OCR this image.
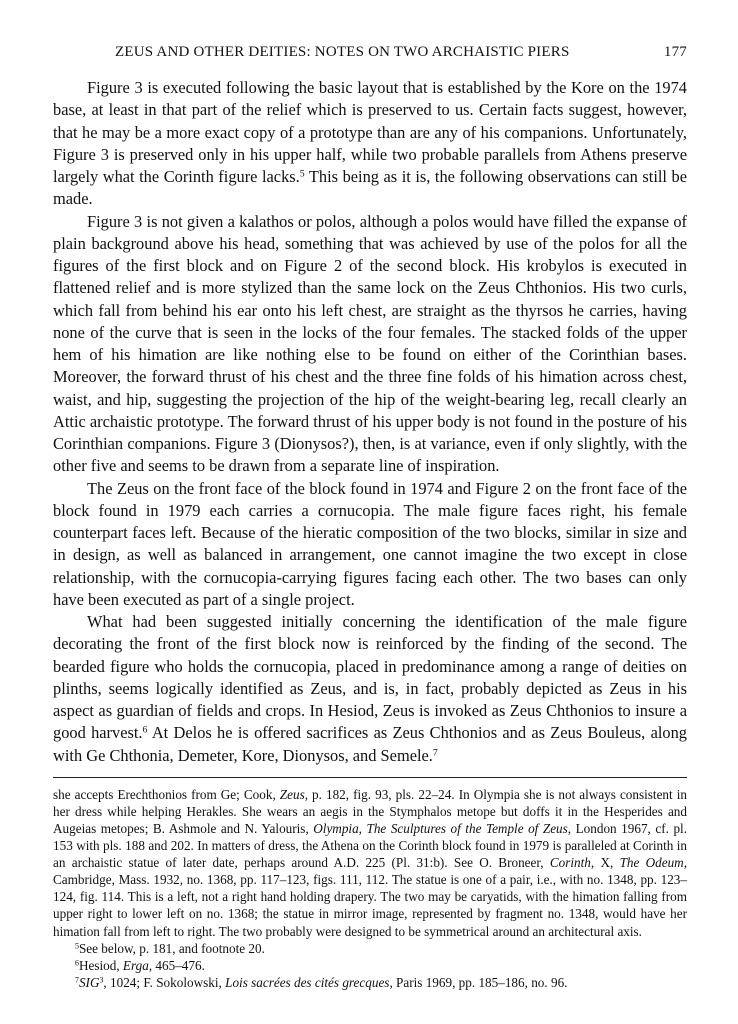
ZEUS AND OTHER DEITIES: NOTES ON TWO ARCHAISTIC PIERS	177

Figure 3 is executed following the basic layout that is established by the Kore on the 1974 base, at least in that part of the relief which is preserved to us. Certain facts suggest, however, that he may be a more exact copy of a prototype than are any of his companions. Unfortunately, Figure 3 is preserved only in his upper half, while two probable parallels from Athens preserve largely what the Corinth figure lacks.$^5$ This being as it is, the following observations can still be made.

Figure 3 is not given a kalathos or polos, although a polos would have filled the expanse of plain background above his head, something that was achieved by use of the polos for all the figures of the first block and on Figure 2 of the second block. His krobylos is executed in flattened relief and is more stylized than the same lock on the Zeus Chthonios. His two curls, which fall from behind his ear onto his left chest, are straight as the thyrsos he carries, having none of the curve that is seen in the locks of the four females. The stacked folds of the upper hem of his himation are like nothing else to be found on either of the Corinthian bases. Moreover, the forward thrust of his chest and the three fine folds of his himation across chest, waist, and hip, suggesting the projection of the hip of the weight-bearing leg, recall clearly an Attic archaistic prototype. The forward thrust of his upper body is not found in the posture of his Corinthian companions. Figure 3 (Dionysos?), then, is at variance, even if only slightly, with the other five and seems to be drawn from a separate line of inspiration.

The Zeus on the front face of the block found in 1974 and Figure 2 on the front face of the block found in 1979 each carries a cornucopia. The male figure faces right, his female counterpart faces left. Because of the hieratic composition of the two blocks, similar in size and in design, as well as balanced in arrangement, one cannot imagine the two except in close relationship, with the cornucopia-carrying figures facing each other. The two bases can only have been executed as part of a single project.

What had been suggested initially concerning the identification of the male figure decorating the front of the first block now is reinforced by the finding of the second. The bearded figure who holds the cornucopia, placed in predominance among a range of deities on plinths, seems logically identified as Zeus, and is, in fact, probably depicted as Zeus in his aspect as guardian of fields and crops. In Hesiod, Zeus is invoked as Zeus Chthonios to insure a good harvest.$^6$ At Delos he is offered sacrifices as Zeus Chthonios and as Zeus Bouleus, along with Ge Chthonia, Demeter, Kore, Dionysos, and Semele.$^7$

she accepts Erechthonios from Ge; Cook, Zeus, p. 182, fig. 93, pls. 22–24. In Olympia she is not always consistent in her dress while helping Herakles. She wears an aegis in the Stymphalos metope but doffs it in the Hesperides and Augeias metopes; B. Ashmole and N. Yalouris, Olympia, The Sculptures of the Temple of Zeus, London 1967, cf. pl. 153 with pls. 188 and 202. In matters of dress, the Athena on the Corinth block found in 1979 is paralleled at Corinth in an archaistic statue of later date, perhaps around A.D. 225 (Pl. 31:b). See O. Broneer, Corinth, X, The Odeum, Cambridge, Mass. 1932, no. 1368, pp. 117–123, figs. 111, 112. The statue is one of a pair, i.e., with no. 1348, pp. 123–124, fig. 114. This is a left, not a right hand holding drapery. The two may be caryatids, with the himation falling from upper right to lower left on no. 1368; the statue in mirror image, represented by fragment no. 1348, would have her himation fall from left to right. The two probably were designed to be symmetrical around an architectural axis.

$^5$See below, p. 181, and footnote 20.

$^6$Hesiod, Erga, 465–476.

$^7$SIG$^3$, 1024; F. Sokolowski, Lois sacrées des cités grecques, Paris 1969, pp. 185–186, no. 96.
